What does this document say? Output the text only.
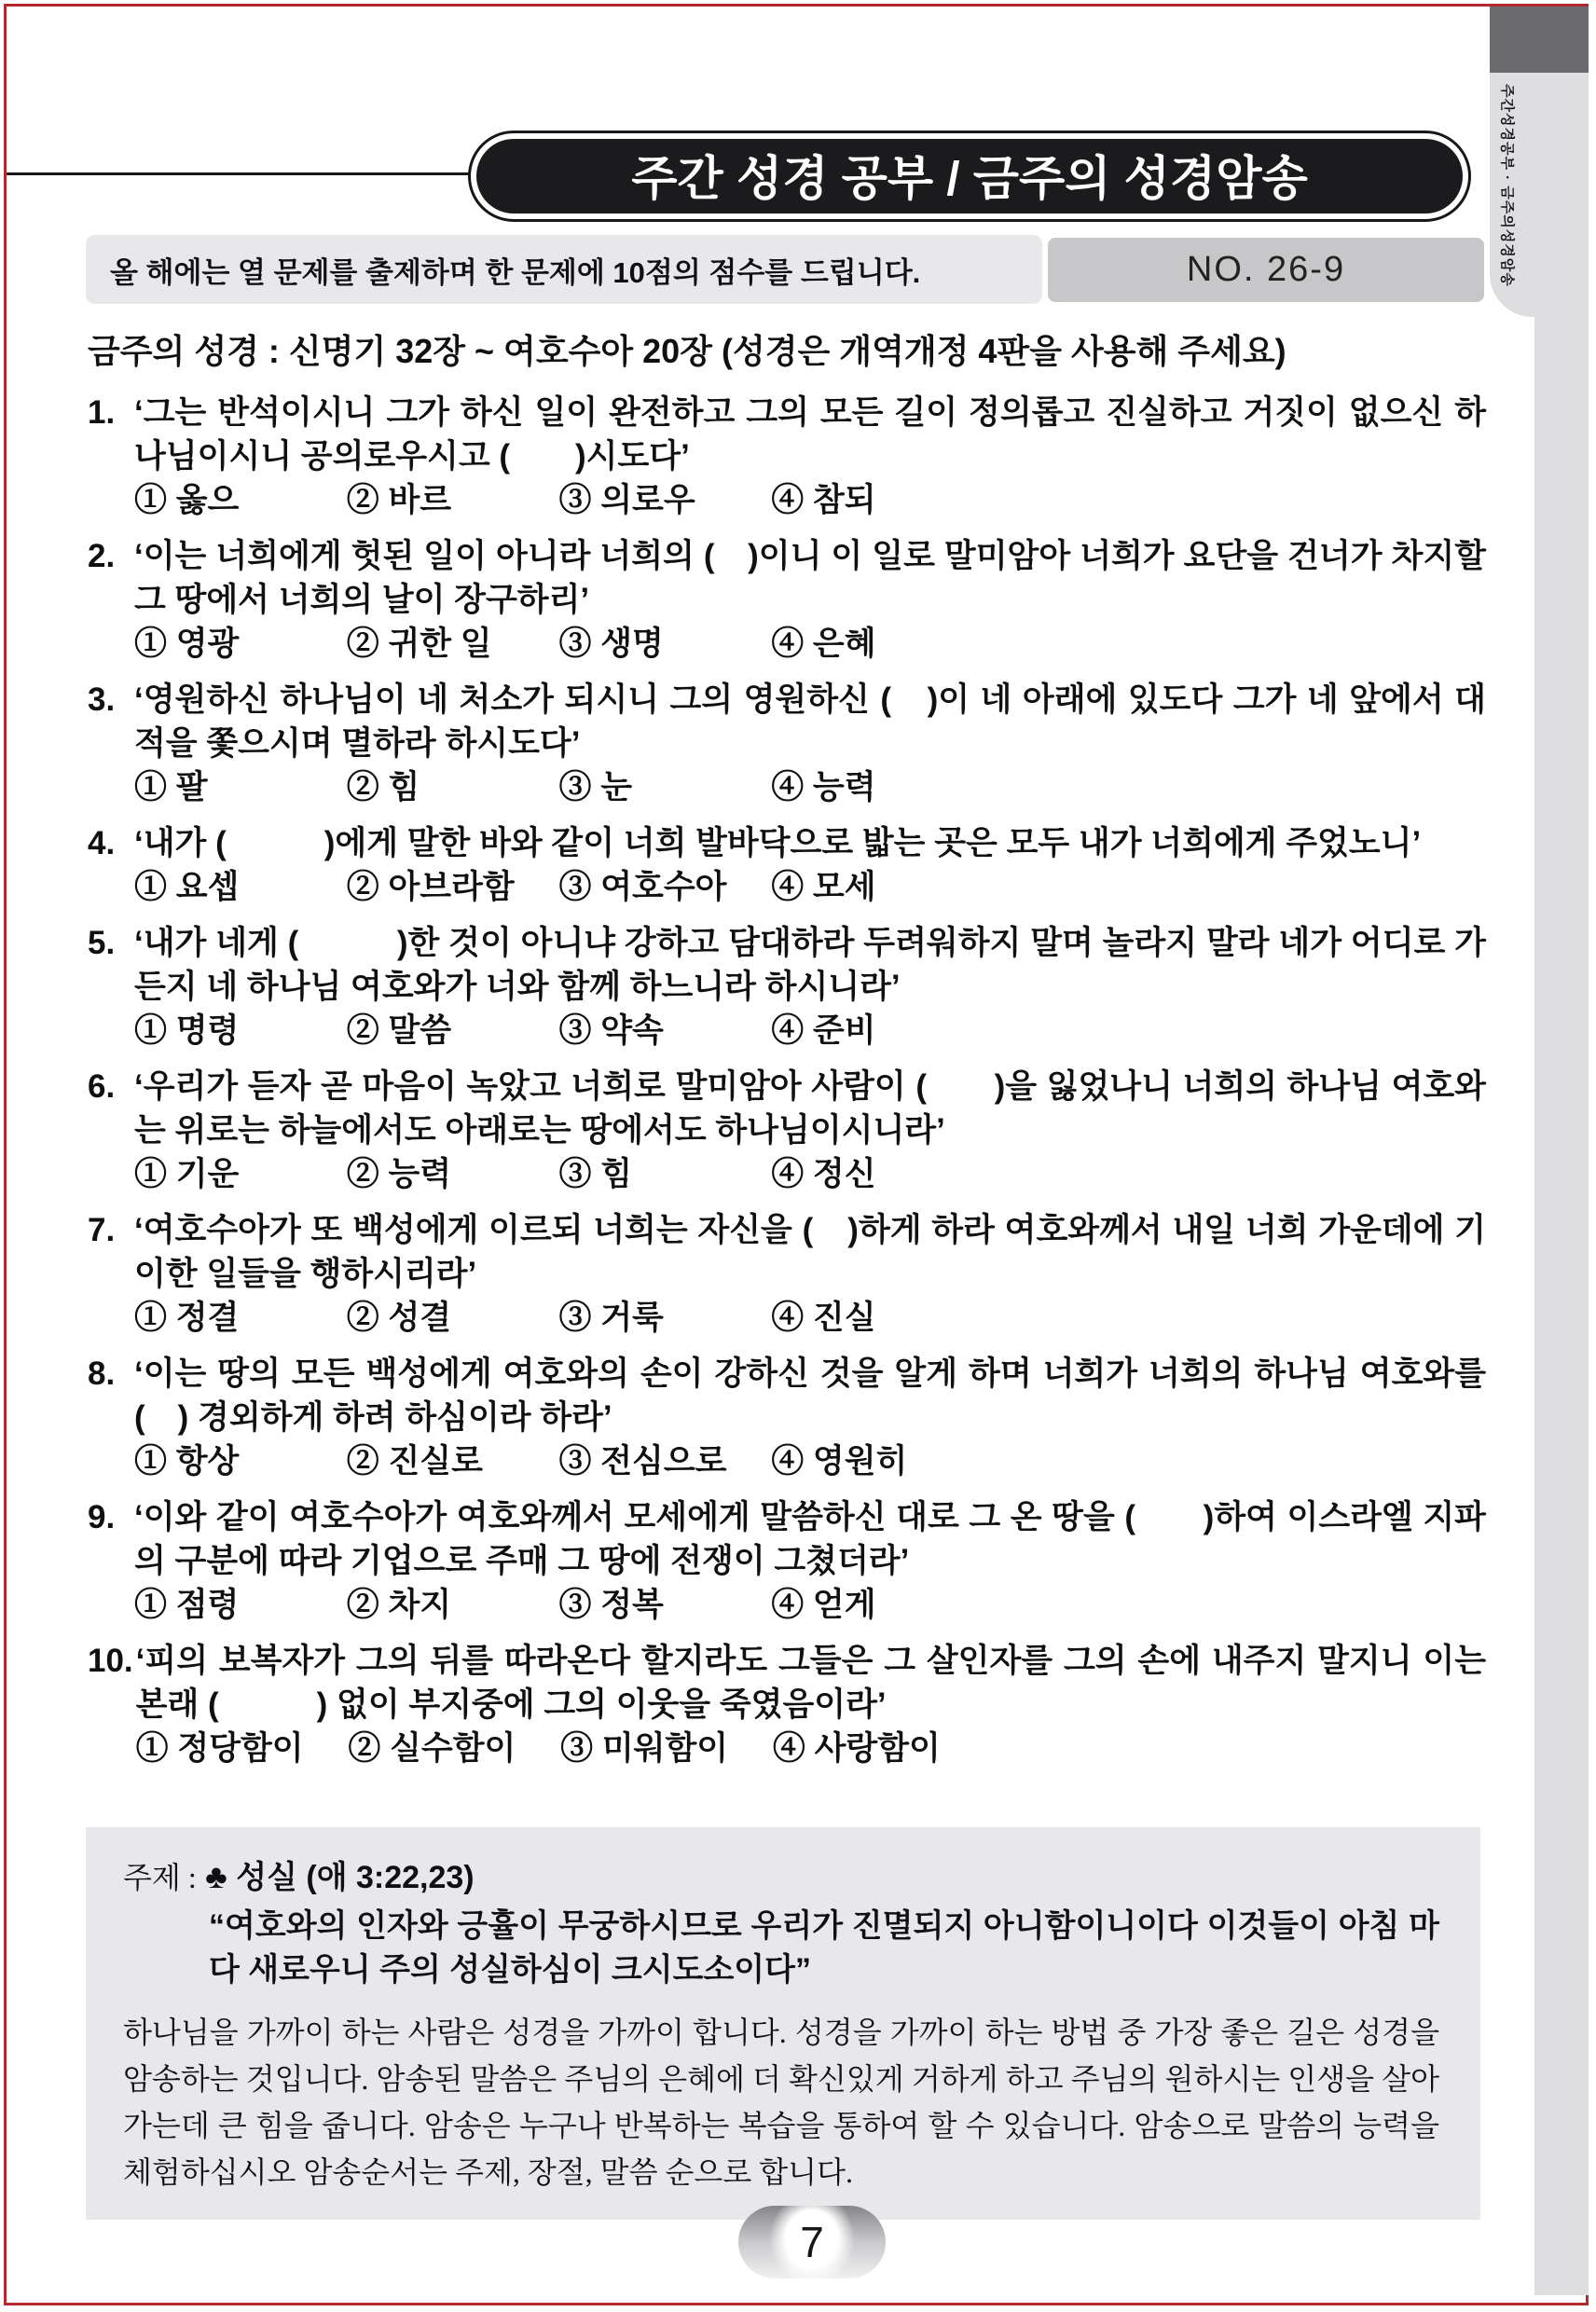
주간성경공부 · 금주의성경암송
주간 성경 공부 / 금주의 성경암송
올 해에는 열 문제를 출제하며 한 문제에 10점의 점수를 드립니다.	NO. 26-9
금주의 성경 : 신명기 32장 ~ 여호수아 20장 (성경은 개역개정 4판을 사용해 주세요)
1. ‘그는 반석이시니 그가 하신 일이 완전하고 그의 모든 길이 정의롭고 진실하고 거짓이 없으신 하나님이시니 공의로우시고 (　　)시도다’
① 옳으	② 바르	③ 의로우 ④ 참되
2. ‘이는 너희에게 헛된 일이 아니라 너희의 (　)이니 이 일로 말미암아 너희가 요단을 건너가 차지할 그 땅에서 너희의 날이 장구하리’
① 영광	② 귀한 일 ③ 생명	④ 은혜
3. ‘영원하신 하나님이 네 처소가 되시니 그의 영원하신 (　)이 네 아래에 있도다 그가 네 앞에서 대적을 쫓으시며 멸하라 하시도다’
① 팔	② 힘	③ 눈	④ 능력
4. ‘내가 (　　　)에게 말한 바와 같이 너희 발바닥으로 밟는 곳은 모두 내가 너희에게 주었노니’
① 요셉	② 아브라함 ③ 여호수아 ④ 모세
5. ‘내가 네게 (　　　)한 것이 아니냐 강하고 담대하라 두려워하지 말며 놀라지 말라 네가 어디로 가든지 네 하나님 여호와가 너와 함께 하느니라 하시니라’
① 명령	② 말씀	③ 약속	④ 준비
6. ‘우리가 듣자 곧 마음이 녹았고 너희로 말미암아 사람이 (　　)을 잃었나니 너희의 하나님 여호와는 위로는 하늘에서도 아래로는 땅에서도 하나님이시니라’
① 기운	② 능력	③ 힘	④ 정신
7. ‘여호수아가 또 백성에게 이르되 너희는 자신을 (　)하게 하라 여호와께서 내일 너희 가운데에 기이한 일들을 행하시리라’
① 정결	② 성결	③ 거룩	④ 진실
8. ‘이는 땅의 모든 백성에게 여호와의 손이 강하신 것을 알게 하며 너희가 너희의 하나님 여호와를 (　) 경외하게 하려 하심이라 하라’
① 항상	② 진실로 ③ 전심으로 ④ 영원히
9. ‘이와 같이 여호수아가 여호와께서 모세에게 말씀하신 대로 그 온 땅을 (　　)하여 이스라엘 지파의 구분에 따라 기업으로 주매 그 땅에 전쟁이 그쳤더라’
① 점령	② 차지	③ 정복	④ 얻게
10. ‘피의 보복자가 그의 뒤를 따라온다 할지라도 그들은 그 살인자를 그의 손에 내주지 말지니 이는 본래 (　　　) 없이 부지중에 그의 이웃을 죽였음이라’
① 정당함이 ② 실수함이 ③ 미워함이 ④ 사랑함이
주제 : ♣ 성실 (애 3:22,23)
“여호와의 인자와 긍휼이 무궁하시므로 우리가 진멸되지 아니함이니이다 이것들이 아침 마다 새로우니 주의 성실하심이 크시도소이다”
하나님을 가까이 하는 사람은 성경을 가까이 합니다. 성경을 가까이 하는 방법 중 가장 좋은 길은 성경을 암송하는 것입니다. 암송된 말씀은 주님의 은혜에 더 확신있게 거하게 하고 주님의 원하시는 인생을 살아가는데 큰 힘을 줍니다. 암송은 누구나 반복하는 복습을 통하여 할 수 있습니다. 암송으로 말씀의 능력을 체험하십시오 암송순서는 주제, 장절, 말씀 순으로 합니다.
7
